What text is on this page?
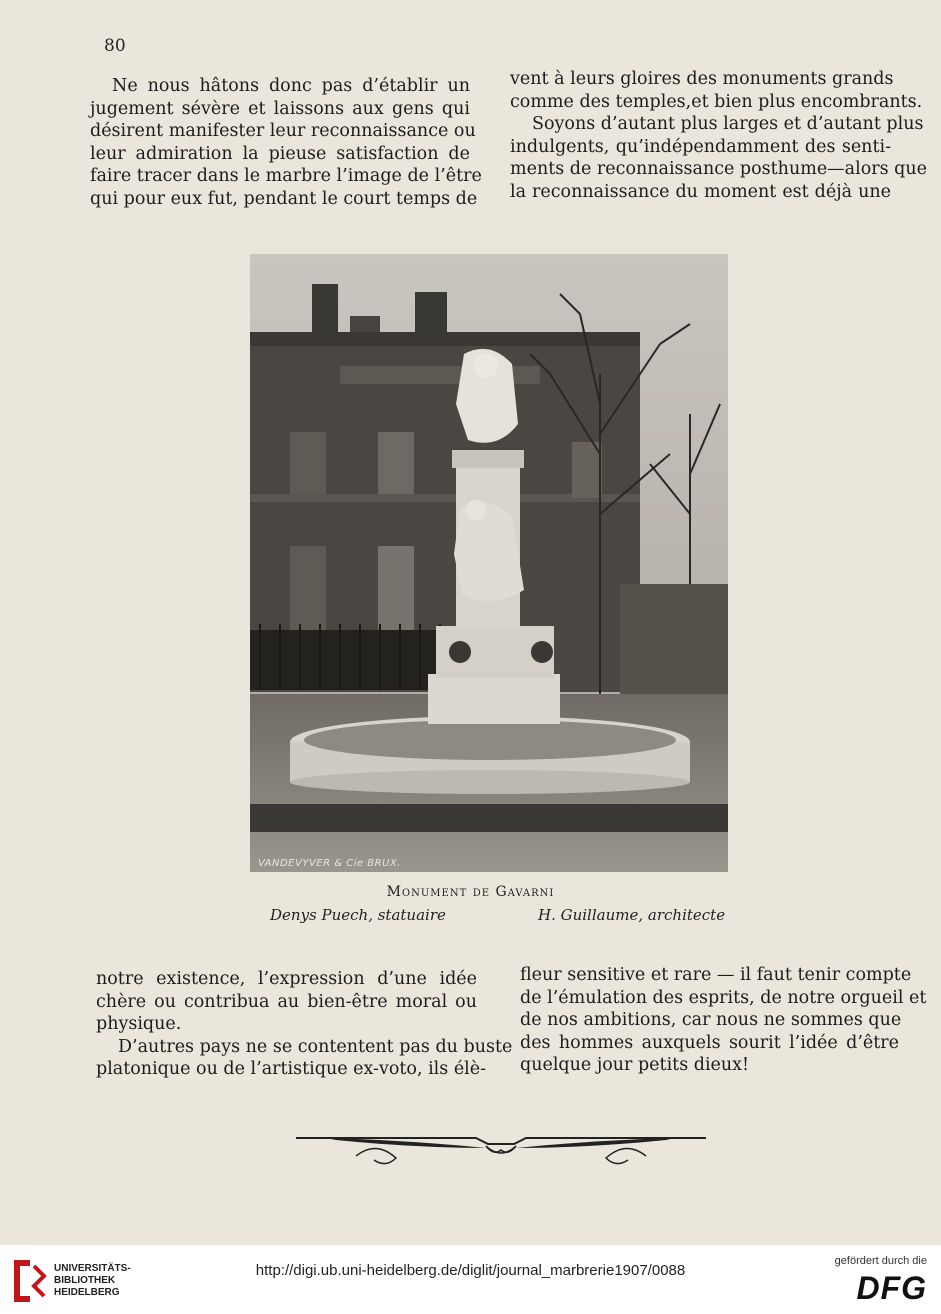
80
Ne nous hâtons donc pas d’établir un
jugement sévère et laissons aux gens qui
désirent manifester leur reconnaissance ou
leur admiration la pieuse satisfaction de
faire tracer dans le marbre l’image de l’être
qui pour eux fut, pendant le court temps de
vent à leurs gloires des monuments grands
comme des temples,et bien plus encombrants.
Soyons d’autant plus larges et d’autant plus
indulgents, qu’indépendamment des senti-
ments de reconnaissance posthume—alors que
la reconnaissance du moment est déjà une
VANDEVYVER & Cie BRUX.
Monument de Gavarni
Denys Puech, statuaire	H. Guillaume, architecte
notre existence, l’expression d’une idée
chère ou contribua au bien-être moral ou
physique.
D’autres pays ne se contentent pas du buste
platonique ou de l’artistique ex-voto, ils élè-
fleur sensitive et rare — il faut tenir compte
de l’émulation des esprits, de notre orgueil et
de nos ambitions, car nous ne sommes que
des hommes auxquels sourit l’idée d’être
quelque jour petits dieux!
UNIVERSITÄTS-
BIBLIOTHEK
HEIDELBERG
http://digi.ub.uni-heidelberg.de/diglit/journal_marbrerie1907/0088
gefördert durch die
DFG
